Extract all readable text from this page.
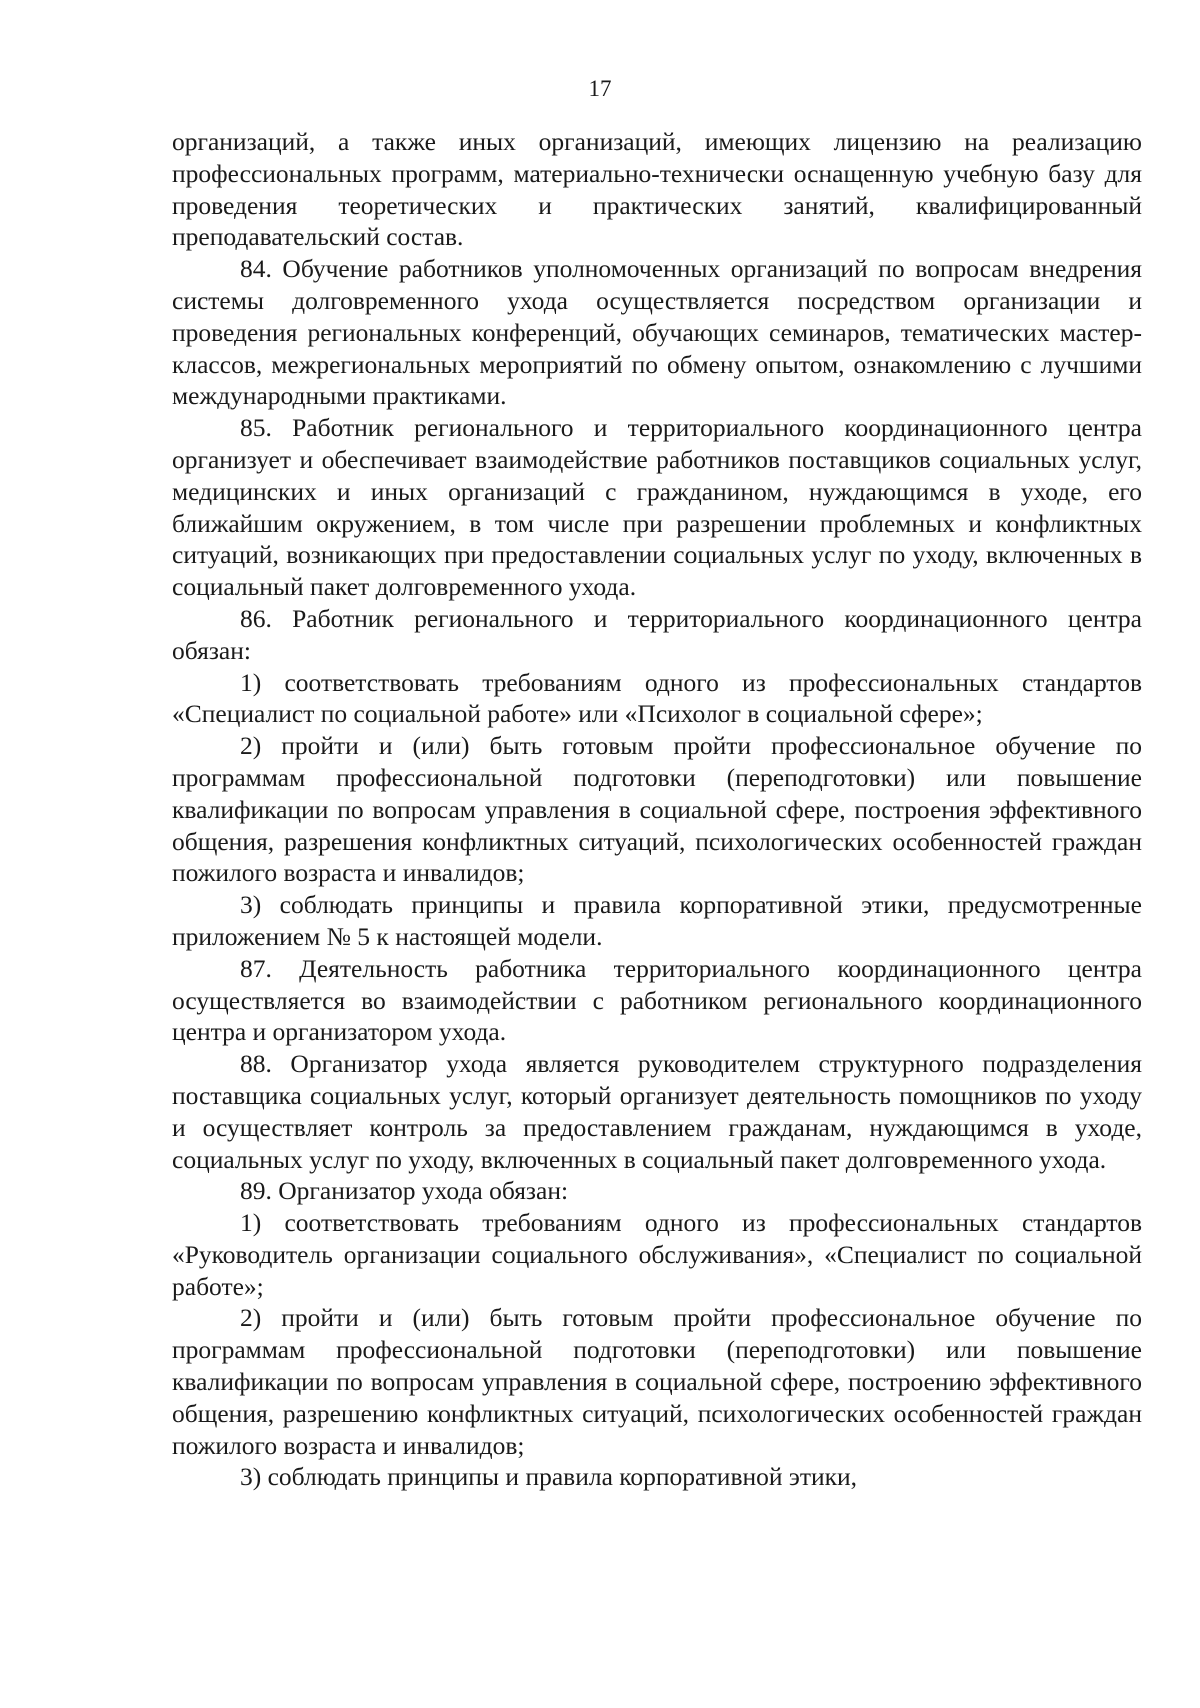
17

организаций, а также иных организаций, имеющих лицензию на реализацию профессиональных программ, материально-технически оснащенную учебную базу для проведения теоретических и практических занятий, квалифицированный преподавательский состав.

84. Обучение работников уполномоченных организаций по вопросам внедрения системы долговременного ухода осуществляется посредством организации и проведения региональных конференций, обучающих семинаров, тематических мастер-классов, межрегиональных мероприятий по обмену опытом, ознакомлению с лучшими международными практиками.

85. Работник регионального и территориального координационного центра организует и обеспечивает взаимодействие работников поставщиков социальных услуг, медицинских и иных организаций с гражданином, нуждающимся в уходе, его ближайшим окружением, в том числе при разрешении проблемных и конфликтных ситуаций, возникающих при предоставлении социальных услуг по уходу, включенных в социальный пакет долговременного ухода.

86. Работник регионального и территориального координационного центра обязан:

1) соответствовать требованиям одного из профессиональных стандартов «Специалист по социальной работе» или «Психолог в социальной сфере»;

2) пройти и (или) быть готовым пройти профессиональное обучение по программам профессиональной подготовки (переподготовки) или повышение квалификации по вопросам управления в социальной сфере, построения эффективного общения, разрешения конфликтных ситуаций, психологических особенностей граждан пожилого возраста и инвалидов;

3) соблюдать принципы и правила корпоративной этики, предусмотренные приложением № 5 к настоящей модели.

87. Деятельность работника территориального координационного центра осуществляется во взаимодействии с работником регионального координационного центра и организатором ухода.

88. Организатор ухода является руководителем структурного подразделения поставщика социальных услуг, который организует деятельность помощников по уходу и осуществляет контроль за предоставлением гражданам, нуждающимся в уходе, социальных услуг по уходу, включенных в социальный пакет долговременного ухода.

89. Организатор ухода обязан:

1) соответствовать требованиям одного из профессиональных стандартов «Руководитель организации социального обслуживания», «Специалист по социальной работе»;

2) пройти и (или) быть готовым пройти профессиональное обучение по программам профессиональной подготовки (переподготовки) или повышение квалификации по вопросам управления в социальной сфере, построению эффективного общения, разрешению конфликтных ситуаций, психологических особенностей граждан пожилого возраста и инвалидов;

3) соблюдать принципы и правила корпоративной этики,
